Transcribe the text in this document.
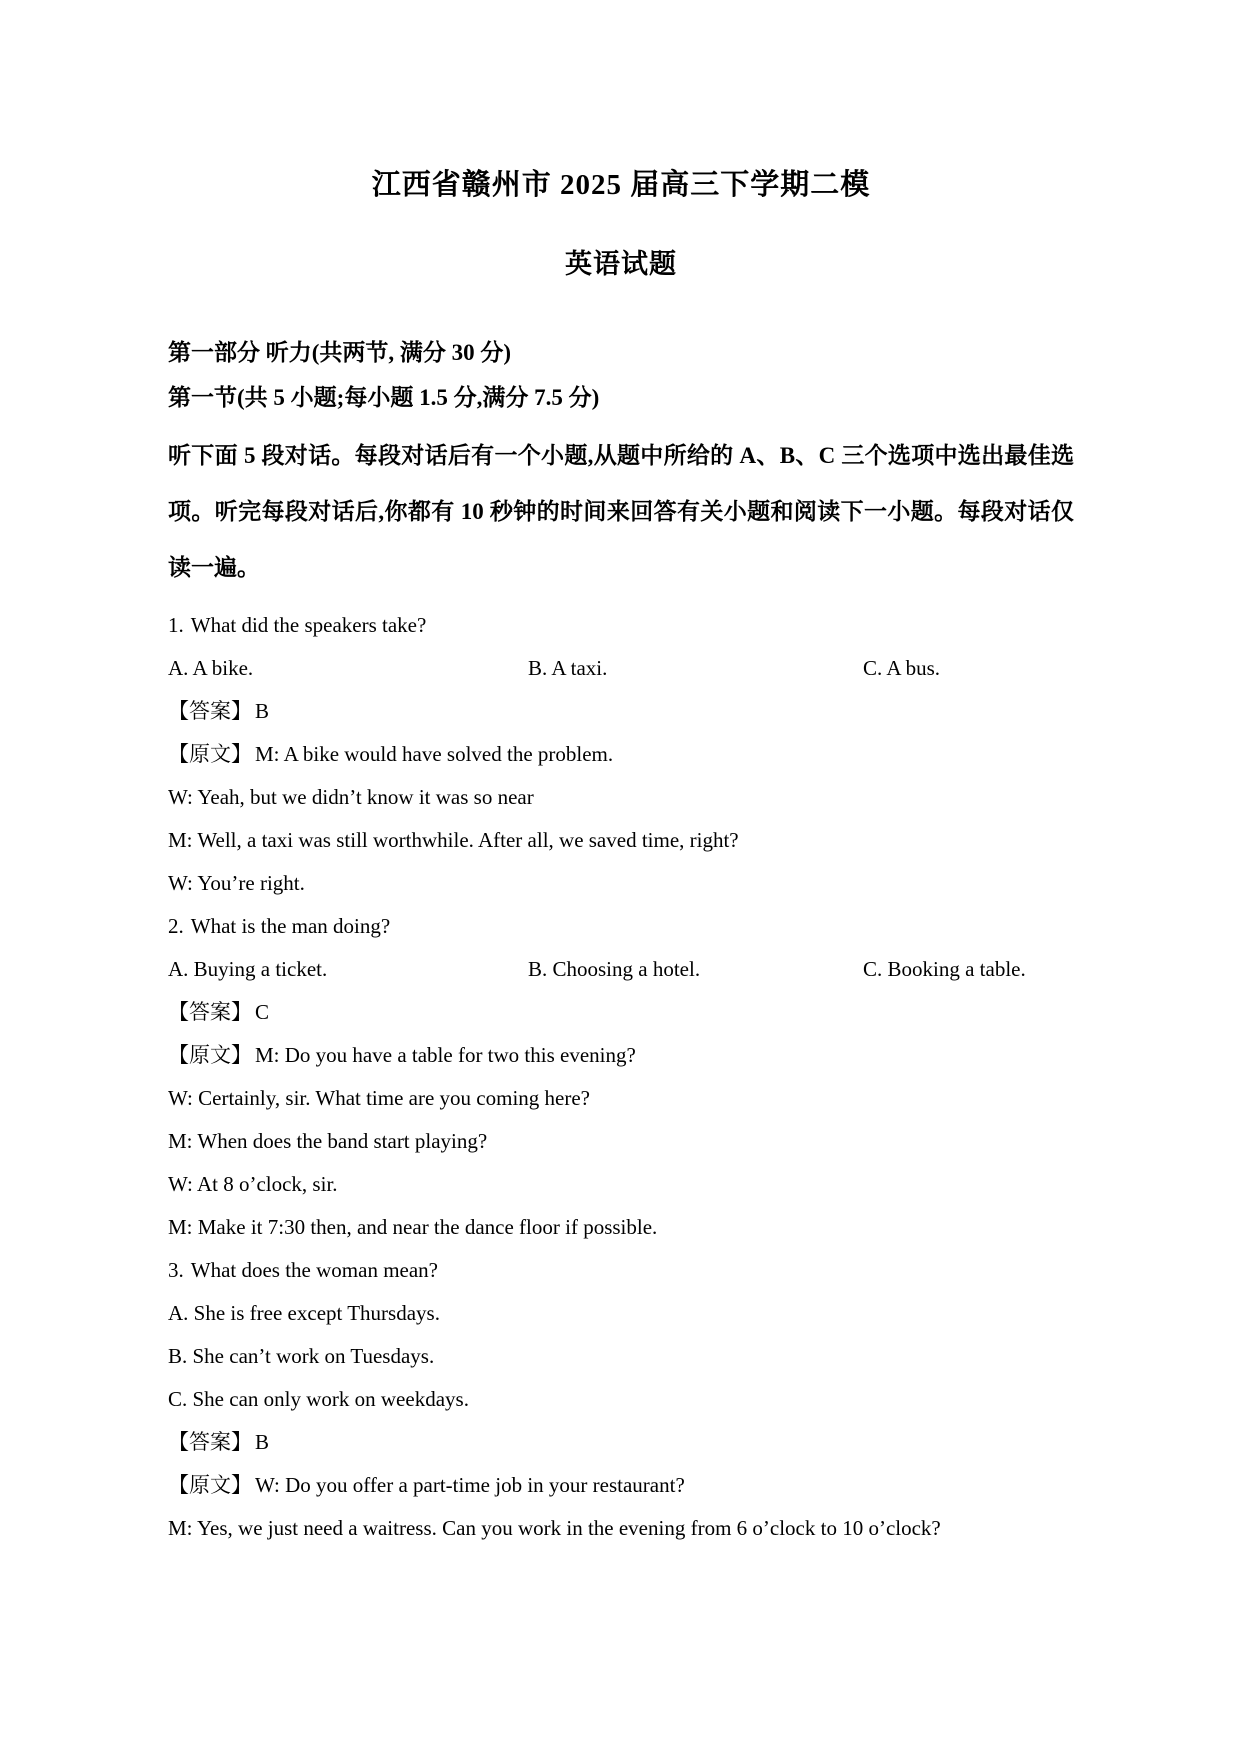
江西省赣州市 2025 届高三下学期二模
英语试题

第一部分 听力(共两节, 满分 30 分)

第一节(共 5 小题;每小题 1.5 分,满分 7.5 分)

听下面 5 段对话。每段对话后有一个小题,从题中所给的 A、B、C 三个选项中选出最佳选项。听完每段对话后,你都有 10 秒钟的时间来回答有关小题和阅读下一小题。每段对话仅读一遍。

1. What did the speakers take?

A. A bike.	B. A taxi.	C. A bus.

【答案】 B

【原文】 M: A bike would have solved the problem.

W: Yeah, but we didn’t know it was so near

M: Well, a taxi was still worthwhile. After all, we saved time, right?

W: You’re right.

2. What is the man doing?

A. Buying a ticket.	B. Choosing a hotel.	C. Booking a table.

【答案】 C

【原文】 M: Do you have a table for two this evening?

W: Certainly, sir. What time are you coming here?

M: When does the band start playing?

W: At 8 o’clock, sir.

M: Make it 7:30 then, and near the dance floor if possible.

3. What does the woman mean?

A. She is free except Thursdays.

B. She can’t work on Tuesdays.

C. She can only work on weekdays.

【答案】 B

【原文】 W: Do you offer a part-time job in your restaurant?

M: Yes, we just need a waitress. Can you work in the evening from 6 o’clock to 10 o’clock?
